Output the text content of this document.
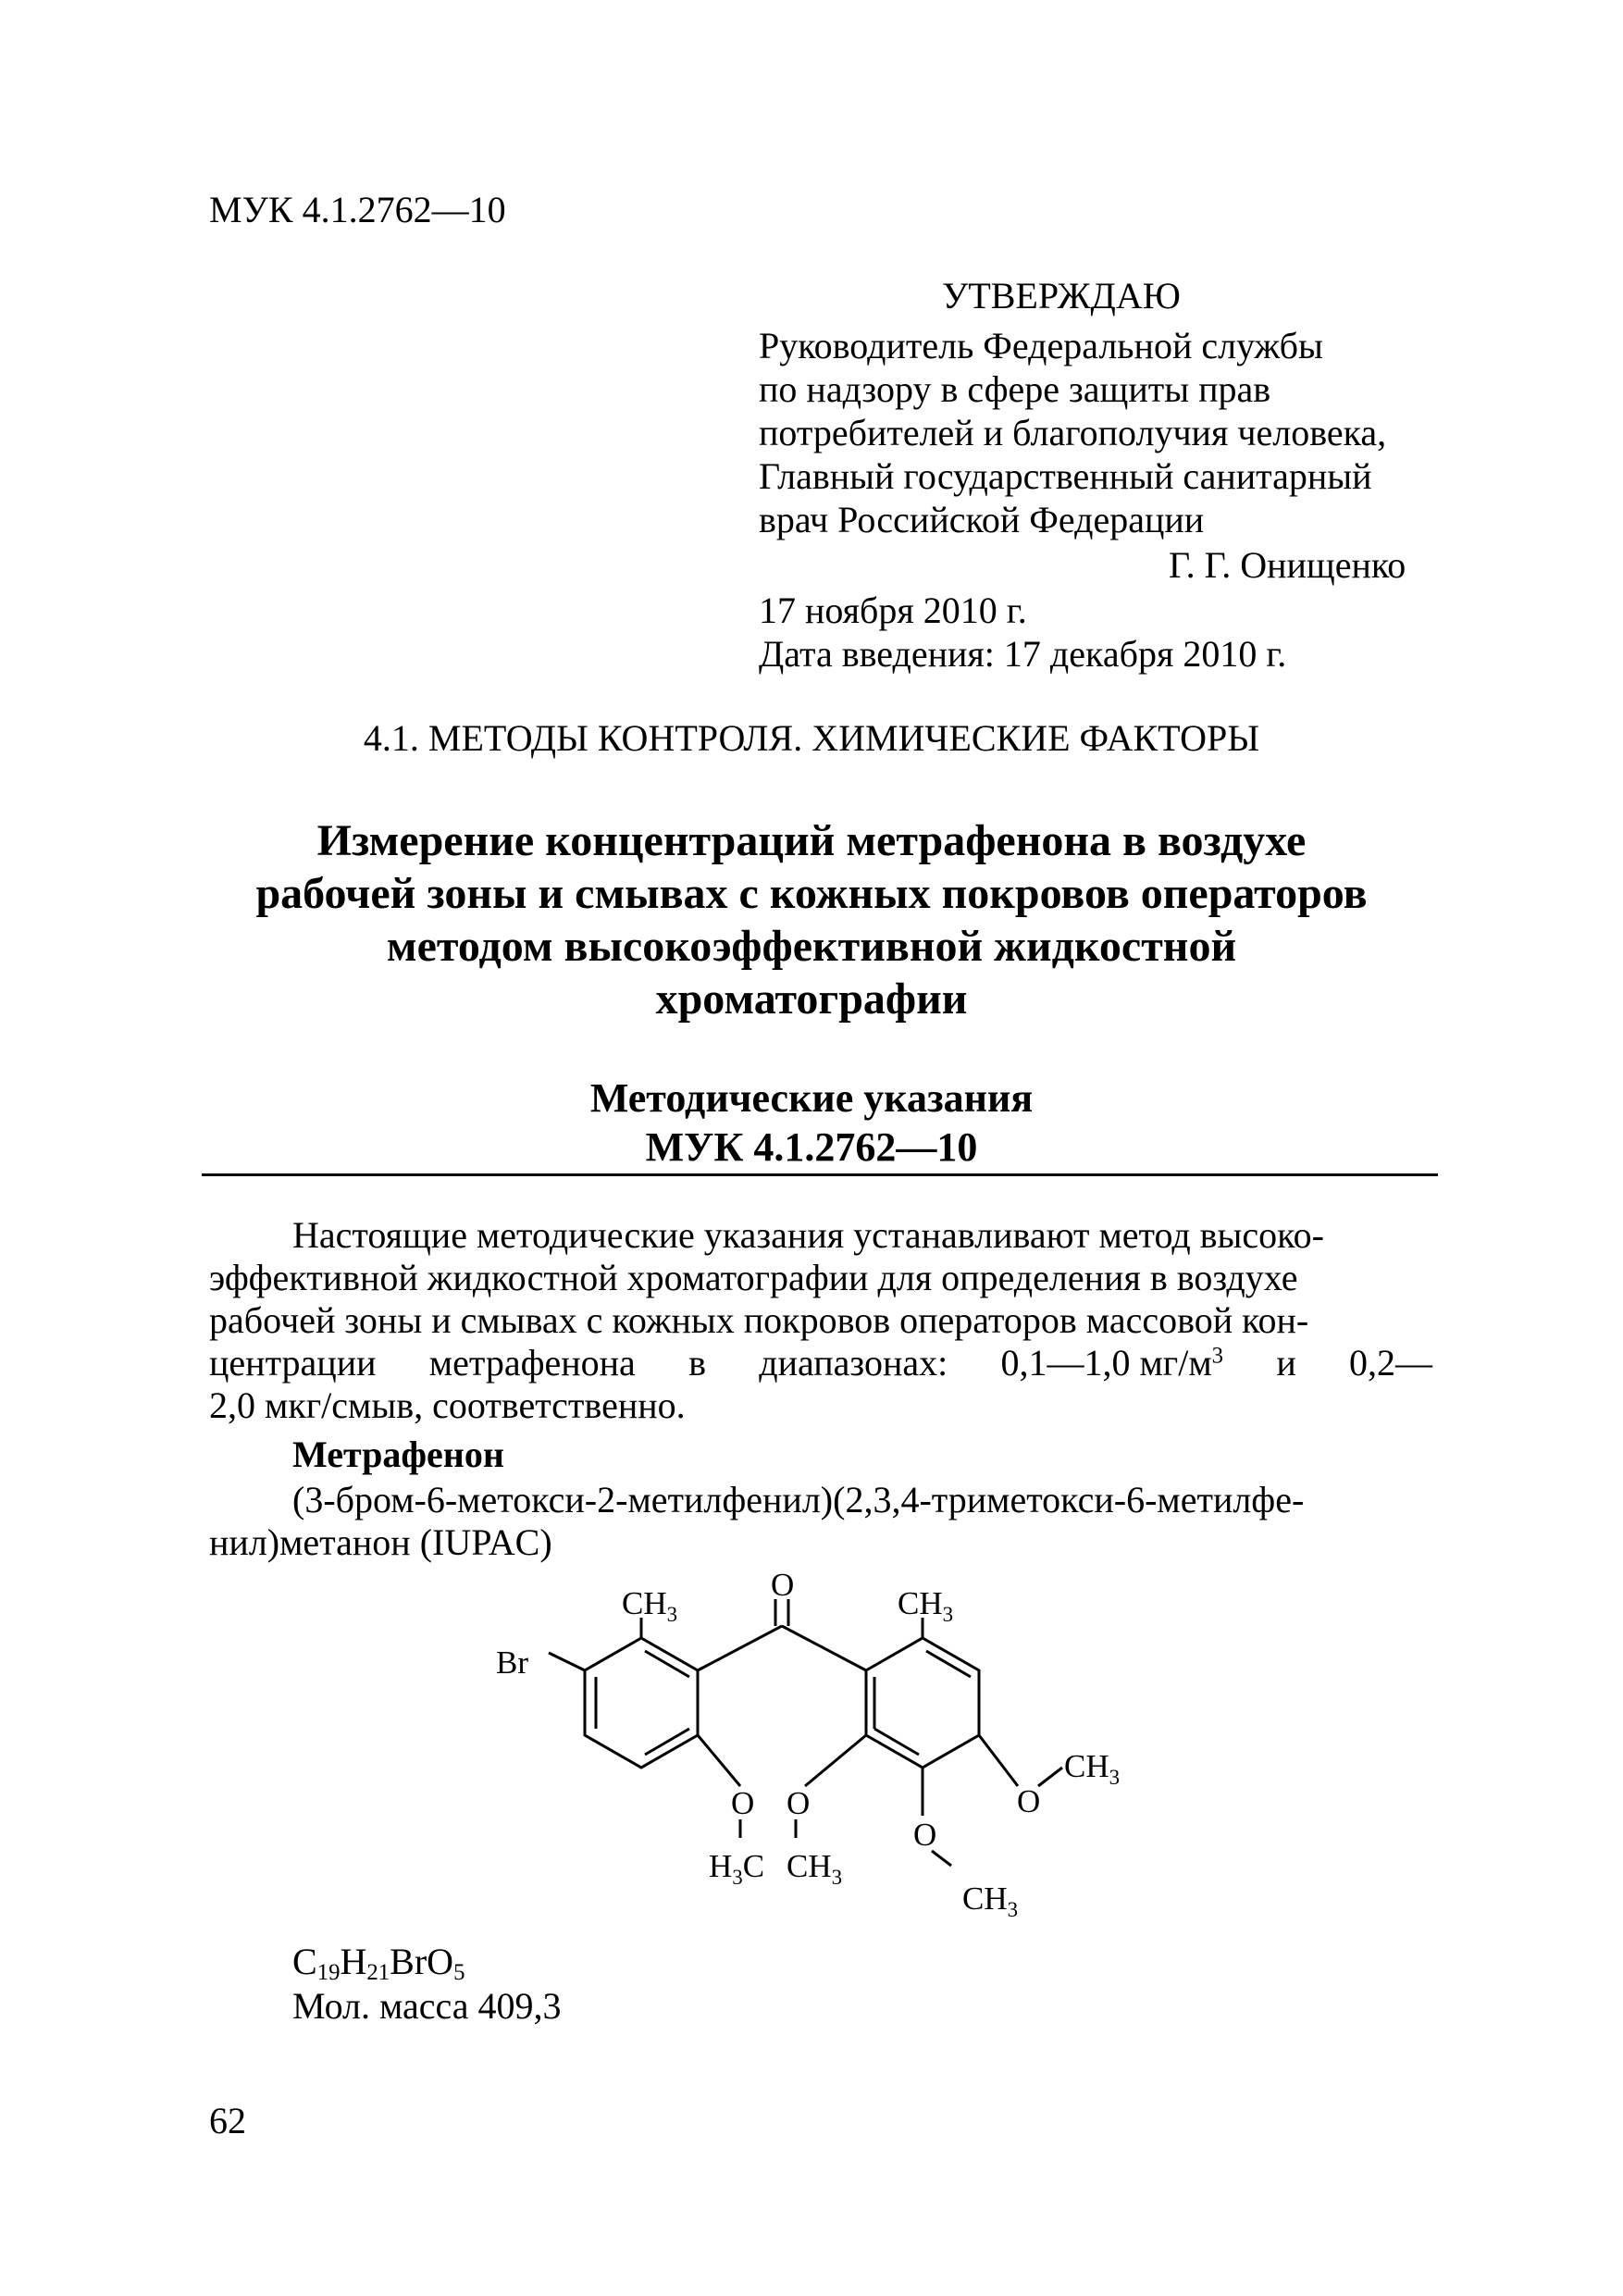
МУК 4.1.2762—10
УТВЕРЖДАЮ
Руководитель Федеральной службы
по надзору в сфере защиты прав
потребителей и благополучия человека,
Главный государственный санитарный
врач Российской Федерации
Г. Г. Онищенко
17 ноября 2010 г.
Дата введения: 17 декабря 2010 г.
4.1. МЕТОДЫ КОНТРОЛЯ. ХИМИЧЕСКИЕ ФАКТОРЫ
Измерение концентраций метрафенона в воздухе
рабочей зоны и смывах с кожных покровов операторов
методом высокоэффективной жидкостной
хроматографии
Методические указания
МУК 4.1.2762—10

Настоящие методические указания устанавливают метод высоко-

эффективной жидкостной хроматографии для определения в воздухе

рабочей зоны и смывах с кожных покровов операторов массовой кон-

центрации метрафенона в диапазонах: 0,1—1,0 $мг/м^3$ и 0,2—

2,0 мкг/смыв, соответственно.

Метрафенон

(3-бром-6-метокси-2-метилфенил)(2,3,4-триметокси-6-метилфе-

нил)метанон (IUPAC)

$CH_3$	$CH_3$
O
Br
O O	O
O
$H_3C$ $CH_3$
$CH_3$
$CH_3$
$C_{19}H_{21}BrO_5$
Мол. масса 409,3
62
